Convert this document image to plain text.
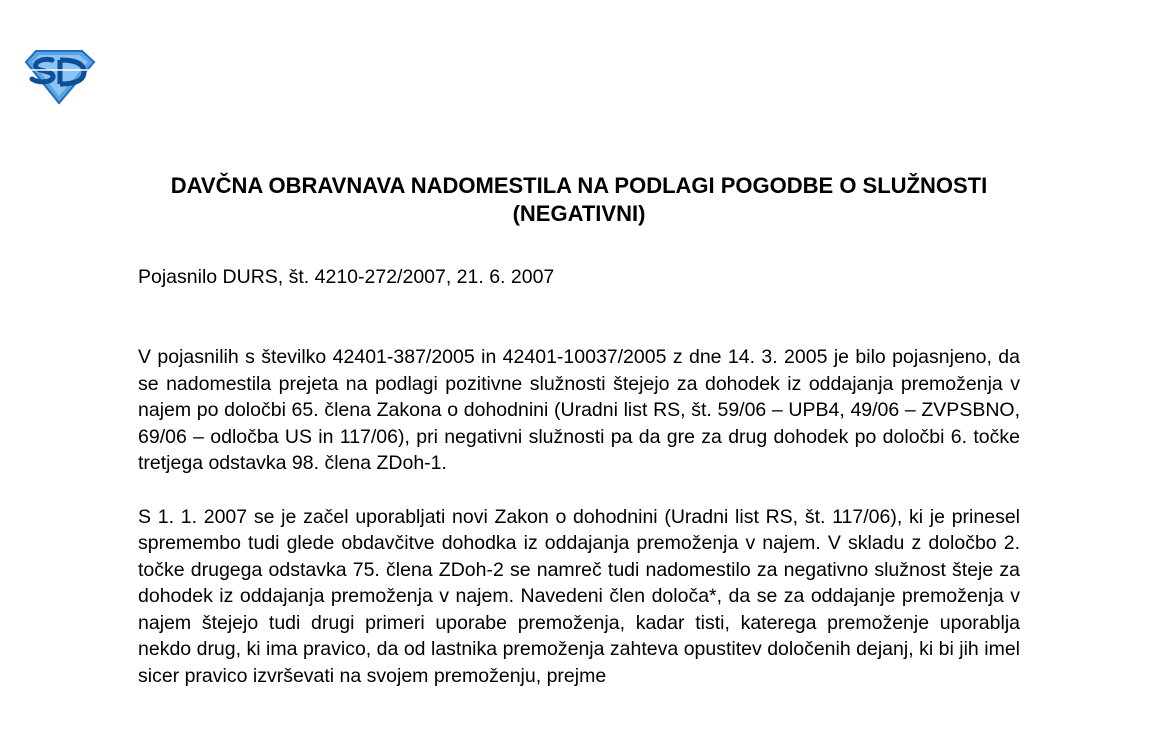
DAVČNA OBRAVNAVA NADOMESTILA NA PODLAGI POGODBE O SLUŽNOSTI (NEGATIVNI)
Pojasnilo DURS, št. 4210-272/2007, 21. 6. 2007

V pojasnilih s številko 42401-387/2005 in 42401-10037/2005 z dne 14. 3. 2005 je bilo pojasnjeno, da se nadomestila prejeta na podlagi pozitivne služnosti štejejo za dohodek iz oddajanja premoženja v najem po določbi 65. člena Zakona o dohodnini (Uradni list RS, št. 59/06 – UPB4, 49/06 – ZVPSBNO, 69/06 – odločba US in 117/06), pri negativni služnosti pa da gre za drug dohodek po določbi 6. točke tretjega odstavka 98. člena ZDoh-1.

S 1. 1. 2007 se je začel uporabljati novi Zakon o dohodnini (Uradni list RS, št. 117/06), ki je prinesel spremembo tudi glede obdavčitve dohodka iz oddajanja premoženja v najem. V skladu z določbo 2. točke drugega odstavka 75. člena ZDoh-2 se namreč tudi nadomestilo za negativno služnost šteje za dohodek iz oddajanja premoženja v najem. Navedeni člen določa*, da se za oddajanje premoženja v najem štejejo tudi drugi primeri uporabe premoženja, kadar tisti, katerega premoženje uporablja nekdo drug, ki ima pravico, da od lastnika premoženja zahteva opustitev določenih dejanj, ki bi jih imel sicer pravico izvrševati na svojem premoženju, prejme
